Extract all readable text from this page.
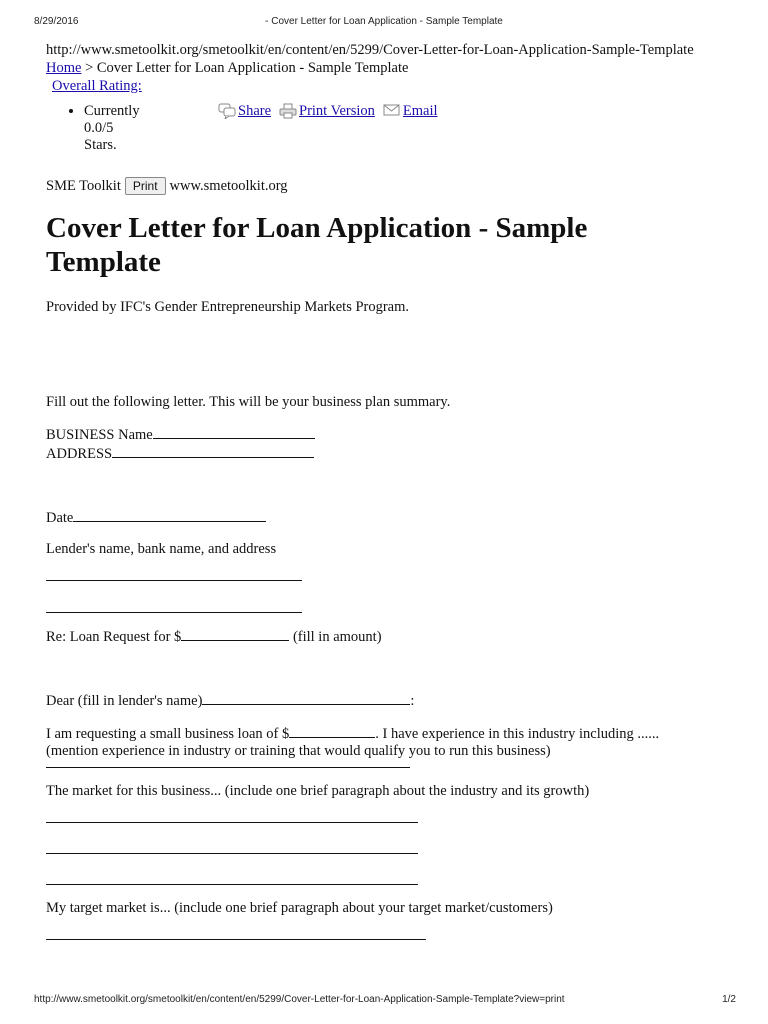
8/29/2016	- Cover Letter for Loan Application - Sample Template
http://www.smetoolkit.org/smetoolkit/en/content/en/5299/Cover-Letter-for-Loan-Application-Sample-Template
Home > Cover Letter for Loan Application - Sample Template
Overall Rating:
• Currently
0.0/5
Stars.
Share Print Version Email
SME Toolkit	Print www.smetoolkit.org
Cover Letter for Loan Application - Sample Template

Provided by IFC's Gender Entrepreneurship Markets Program.

Fill out the following letter. This will be your business plan summary.

BUSINESS Name

ADDRESS

Date

Lender's name, bank name, and address

Re: Loan Request for $	(fill in amount)

Dear (fill in lender's name)	:

I am requesting a small business loan of $	. I have experience in this industry including ......
(mention experience in industry or training that would qualify you to run this business)

The market for this business... (include one brief paragraph about the industry and its growth)

My target market is... (include one brief paragraph about your target market/customers)

http://www.smetoolkit.org/smetoolkit/en/content/en/5299/Cover-Letter-for-Loan-Application-Sample-Template?view=print	1/2
